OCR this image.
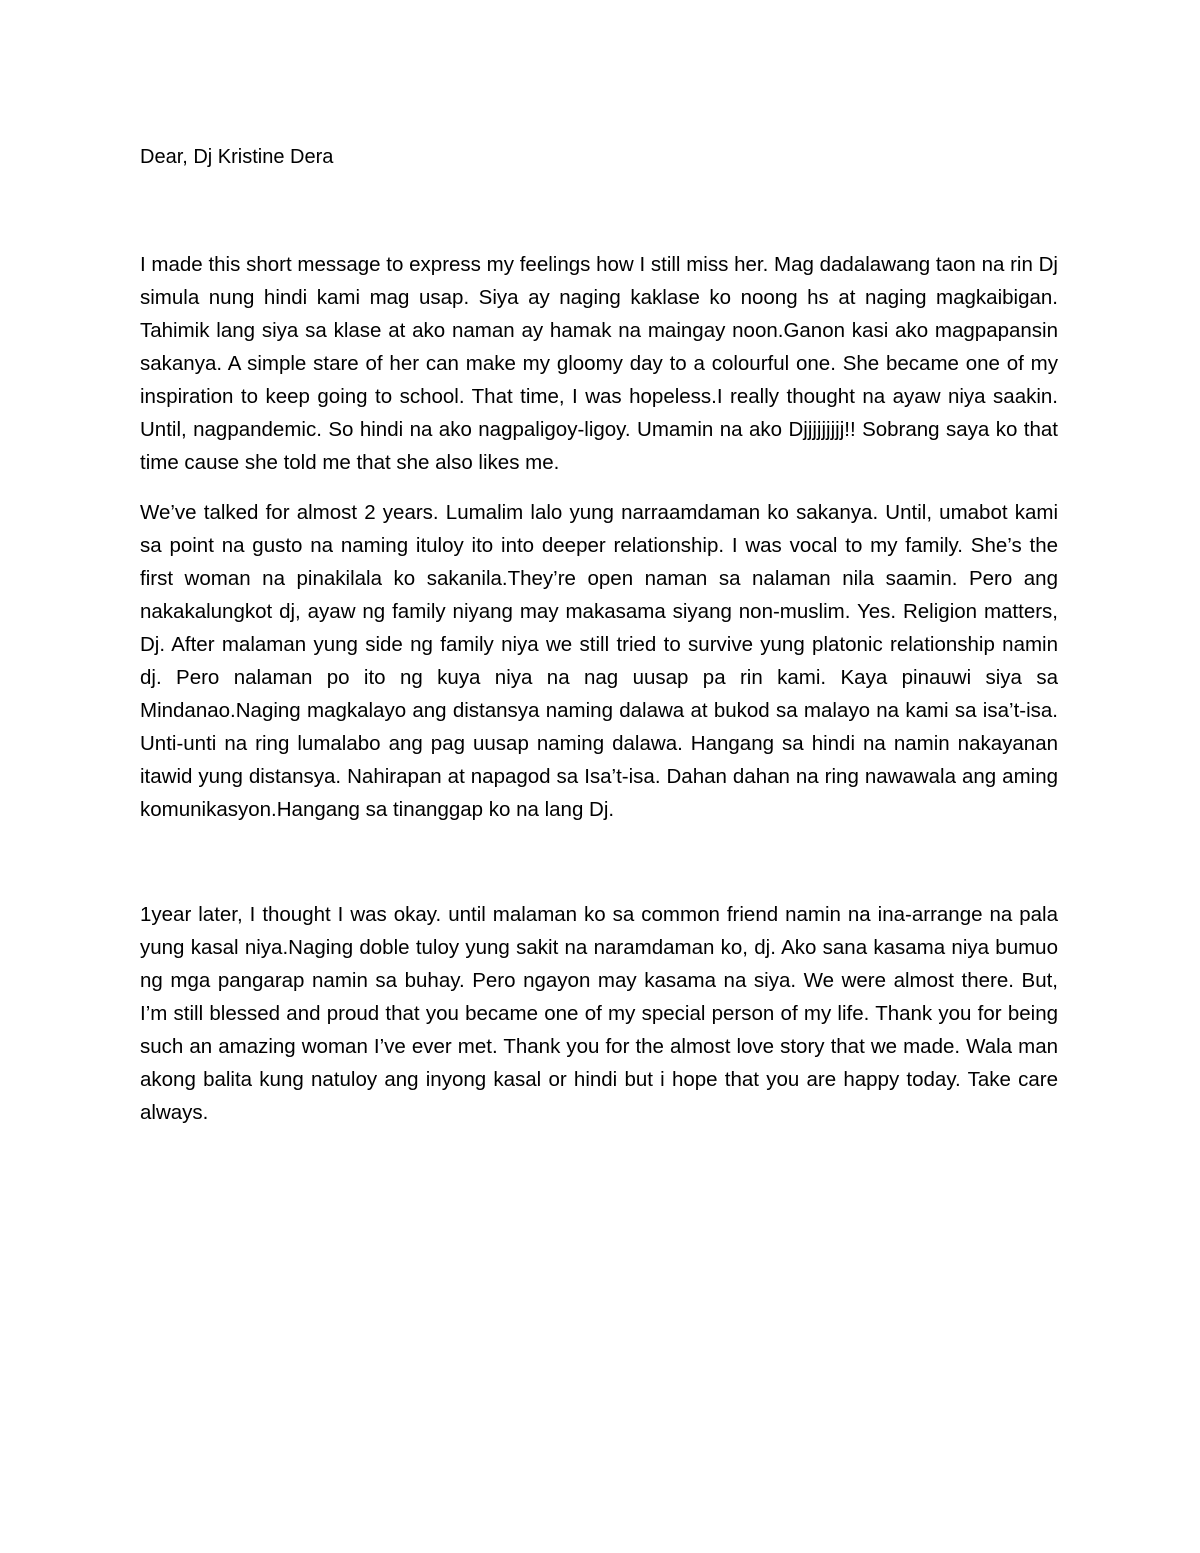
Dear, Dj Kristine Dera

I made this short message to express my feelings how I still miss her. Mag dadalawang taon na rin Dj simula nung hindi kami mag usap. Siya ay naging kaklase ko noong hs at naging magkaibigan. Tahimik lang siya sa klase at ako naman ay hamak na maingay noon.Ganon kasi ako magpapansin sakanya. A simple stare of her can make my gloomy day to a colourful one. She became one of my inspiration to keep going to school. That time, I was hopeless.I really thought na ayaw niya saakin. Until, nagpandemic. So hindi na ako nagpaligoy-ligoy. Umamin na ako Djjjjjjjjj!! Sobrang saya ko that time cause she told me that she also likes me.

We’ve talked for almost 2 years. Lumalim lalo yung narraamdaman ko sakanya. Until, umabot kami sa point na gusto na naming ituloy ito into deeper relationship. I was vocal to my family. She’s the first woman na pinakilala ko sakanila.They’re open naman sa nalaman nila saamin. Pero ang nakakalungkot dj, ayaw ng family niyang may makasama siyang non-muslim. Yes. Religion matters, Dj. After malaman yung side ng family niya we still tried to survive yung platonic relationship namin dj. Pero nalaman po ito ng kuya niya na nag uusap pa rin kami. Kaya pinauwi siya sa Mindanao.Naging magkalayo ang distansya naming dalawa at bukod sa malayo na kami sa isa’t-isa. Unti-unti na ring lumalabo ang pag uusap naming dalawa. Hangang sa hindi na namin nakayanan itawid yung distansya. Nahirapan at napagod sa Isa’t-isa. Dahan dahan na ring nawawala ang aming komunikasyon.Hangang sa tinanggap ko na lang Dj.

1year later, I thought I was okay. until malaman ko sa common friend namin na ina-arrange na pala yung kasal niya.Naging doble tuloy yung sakit na naramdaman ko, dj. Ako sana kasama niya bumuo ng mga pangarap namin sa buhay. Pero ngayon may kasama na siya. We were almost there. But, I’m still blessed and proud that you became one of my special person of my life. Thank you for being such an amazing woman I’ve ever met. Thank you for the almost love story that we made. Wala man akong balita kung natuloy ang inyong kasal or hindi but i hope that you are happy today. Take care always.
